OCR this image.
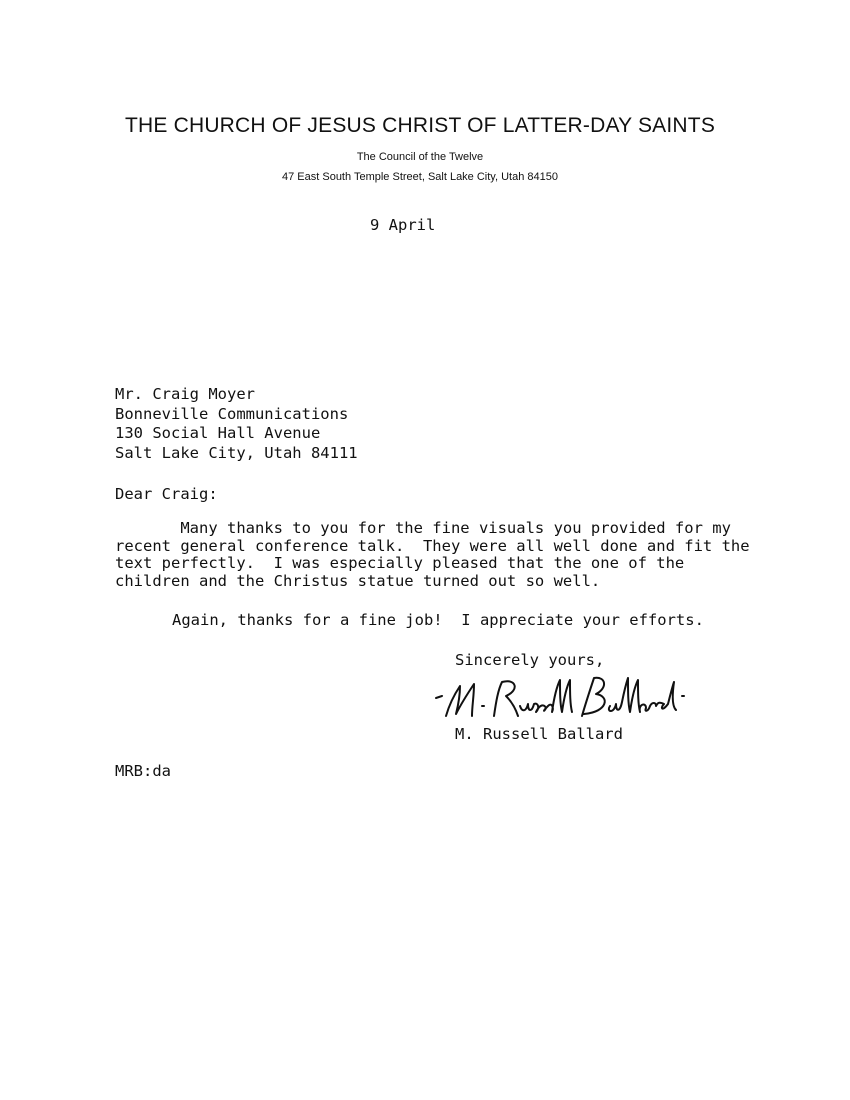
THE CHURCH OF JESUS CHRIST OF LATTER-DAY SAINTS
The Council of the Twelve
47 East South Temple Street, Salt Lake City, Utah 84150
9 April
Mr. Craig Moyer
Bonneville Communications
130 Social Hall Avenue
Salt Lake City, Utah 84111
Dear Craig:
Many thanks to you for the fine visuals you provided for my
recent general conference talk.  They were all well done and fit the
text perfectly.  I was especially pleased that the one of the
children and the Christus statue turned out so well.
Again, thanks for a fine job!  I appreciate your efforts.
Sincerely yours,
M. Russell Ballard
MRB:da
